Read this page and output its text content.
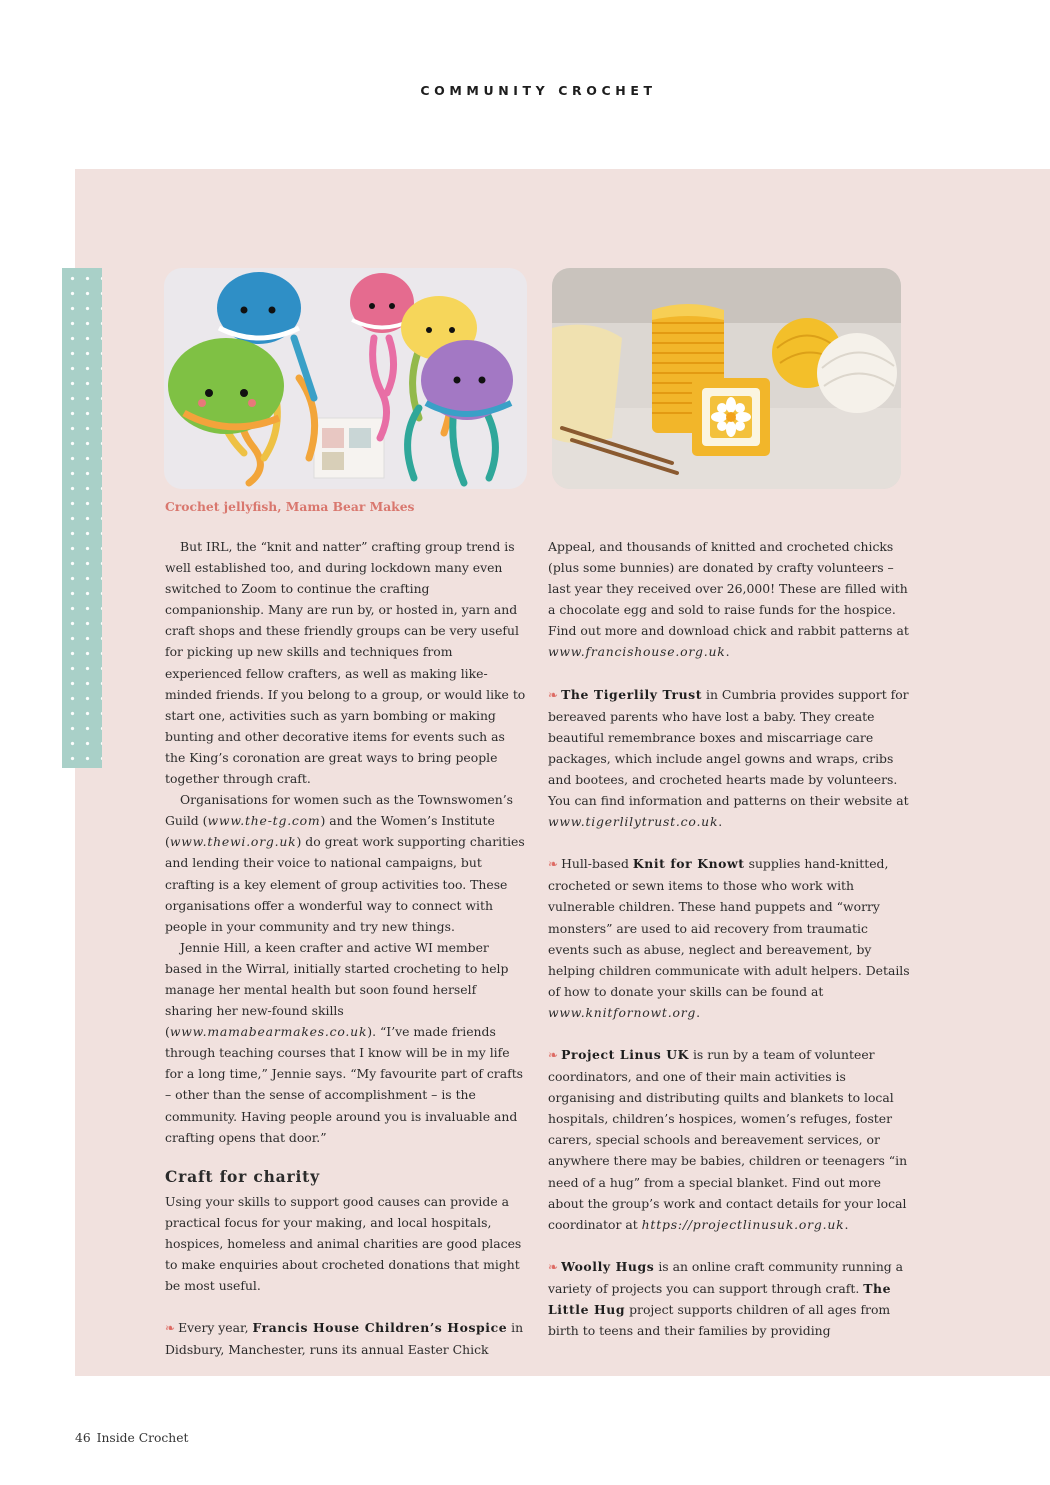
COMMUNITY CROCHET
Crochet jellyfish, Mama Bear Makes

But IRL, the “knit and natter” crafting group trend is well established too, and during lockdown many even switched to Zoom to continue the crafting companionship. Many are run by, or hosted in, yarn and craft shops and these friendly groups can be very useful for picking up new skills and techniques from experienced fellow crafters, as well as making like-minded friends. If you belong to a group, or would like to start one, activities such as yarn bombing or making bunting and other decorative items for events such as the King’s coronation are great ways to bring people together through craft.

Organisations for women such as the Townswomen’s Guild (www.the-tg.com) and the Women’s Institute (www.thewi.org.uk) do great work supporting charities and lending their voice to national campaigns, but crafting is a key element of group activities too. These organisations offer a wonderful way to connect with people in your community and try new things.

Jennie Hill, a keen crafter and active WI member based in the Wirral, initially started crocheting to help manage her mental health but soon found herself sharing her new-found skills (www.mamabearmakes.co.uk). “I’ve made friends through teaching courses that I know will be in my life for a long time,” Jennie says. “My favourite part of crafts – other than the sense of accomplishment – is the community. Having people around you is invaluable and crafting opens that door.”

Craft for charity

Using your skills to support good causes can provide a practical focus for your making, and local hospitals, hospices, homeless and animal charities are good places to make enquiries about crocheted donations that might be most useful.

❧ Every year, Francis House Children’s Hospice in Didsbury, Manchester, runs its annual Easter Chick

Appeal, and thousands of knitted and crocheted chicks (plus some bunnies) are donated by crafty volunteers – last year they received over 26,000! These are filled with a chocolate egg and sold to raise funds for the hospice. Find out more and download chick and rabbit patterns at www.francishouse.org.uk.

❧ The Tigerlily Trust in Cumbria provides support for bereaved parents who have lost a baby. They create beautiful remembrance boxes and miscarriage care packages, which include angel gowns and wraps, cribs and bootees, and crocheted hearts made by volunteers. You can find information and patterns on their website at www.tigerlilytrust.co.uk.

❧ Hull-based Knit for Knowt supplies hand-knitted, crocheted or sewn items to those who work with vulnerable children. These hand puppets and “worry monsters” are used to aid recovery from traumatic events such as abuse, neglect and bereavement, by helping children communicate with adult helpers. Details of how to donate your skills can be found at www.knitfornowt.org.

❧ Project Linus UK is run by a team of volunteer coordinators, and one of their main activities is organising and distributing quilts and blankets to local hospitals, children’s hospices, women’s refuges, foster carers, special schools and bereavement services, or anywhere there may be babies, children or teenagers “in need of a hug” from a special blanket. Find out more about the group’s work and contact details for your local coordinator at https://projectlinusuk.org.uk.

❧ Woolly Hugs is an online craft community running a variety of projects you can support through craft. The Little Hug project supports children of all ages from birth to teens and their families by providing

46 Inside Crochet
